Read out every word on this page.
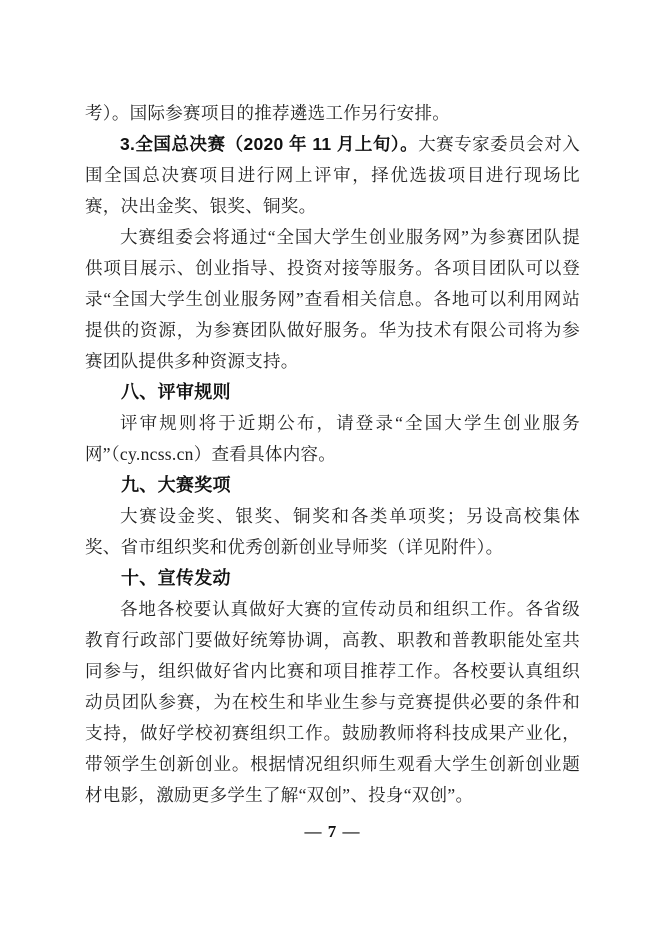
考）。国际参赛项目的推荐遴选工作另行安排。

3.全国总决赛（2020 年 11 月上旬）。大赛专家委员会对入围全国总决赛项目进行网上评审，择优选拔项目进行现场比赛，决出金奖、银奖、铜奖。

大赛组委会将通过“全国大学生创业服务网”为参赛团队提供项目展示、创业指导、投资对接等服务。各项目团队可以登录“全国大学生创业服务网”查看相关信息。各地可以利用网站提供的资源，为参赛团队做好服务。华为技术有限公司将为参赛团队提供多种资源支持。

八、评审规则

评审规则将于近期公布，请登录“全国大学生创业服务网”（cy.ncss.cn）查看具体内容。

九、大赛奖项

大赛设金奖、银奖、铜奖和各类单项奖；另设高校集体奖、省市组织奖和优秀创新创业导师奖（详见附件）。

十、宣传发动

各地各校要认真做好大赛的宣传动员和组织工作。各省级教育行政部门要做好统筹协调，高教、职教和普教职能处室共同参与，组织做好省内比赛和项目推荐工作。各校要认真组织动员团队参赛，为在校生和毕业生参与竞赛提供必要的条件和支持，做好学校初赛组织工作。鼓励教师将科技成果产业化，带领学生创新创业。根据情况组织师生观看大学生创新创业题材电影，激励更多学生了解“双创”、投身“双创”。

— 7 —
